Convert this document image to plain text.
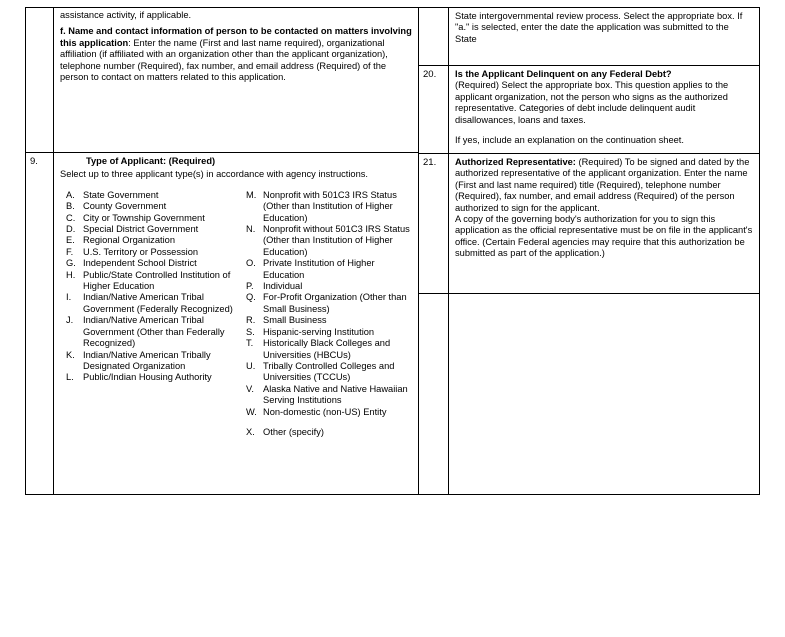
assistance activity, if applicable.

f. Name and contact information of person to be contacted on matters involving this application: Enter the name (First and last name required), organizational affiliation (if affiliated with an organization other than the applicant organization), telephone number (Required), fax number, and email address (Required) of the person to contact on matters related to this application.

9.	Type of Applicant: (Required)

Select up to three applicant type(s) in accordance with agency instructions.

A. State Government
B. County Government
C. City or Township Government
D. Special District Government
E. Regional Organization
F.	U.S. Territory or Possession
G. Independent School District
H. Public/State Controlled Institution of Higher Education
I.	Indian/Native American Tribal Government (Federally Recognized)
J.	Indian/Native American Tribal Government (Other than Federally Recognized)
K. Indian/Native American Tribally Designated Organization
L. Public/Indian Housing Authority
M. Nonprofit with 501C3 IRS Status (Other than Institution of Higher Education)
N. Nonprofit without 501C3 IRS Status (Other than Institution of Higher Education)
O. Private Institution of Higher Education
P.	Individual
Q. For-Profit Organization (Other than Small Business)
R. Small Business
S. Hispanic-serving Institution
T.	Historically Black Colleges and Universities (HBCUs)
U. Tribally Controlled Colleges and Universities (TCCUs)
V. Alaska Native and Native Hawaiian Serving Institutions
W. Non-domestic (non-US) Entity
X. Other (specify)

State intergovernmental review process. Select the appropriate box. If "a." is selected, enter the date the application was submitted to the State

20.	Is the Applicant Delinquent on any Federal Debt?

(Required) Select the appropriate box. This question applies to the applicant organization, not the person who signs as the authorized representative. Categories of debt include delinquent audit disallowances, loans and taxes.

If yes, include an explanation on the continuation sheet.

21.	Authorized Representative: (Required) To be signed and dated by the authorized representative of the applicant organization. Enter the name (First and last name required) title (Required), telephone number (Required), fax number, and email address (Required) of the person authorized to sign for the applicant.

A copy of the governing body's authorization for you to sign this application as the official representative must be on file in the applicant's office. (Certain Federal agencies may require that this authorization be submitted as part of the application.)
